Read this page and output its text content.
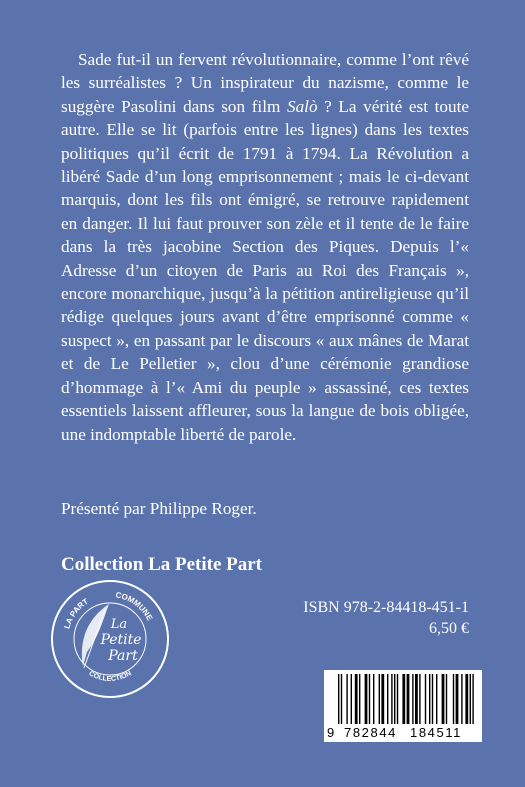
Sade fut-il un fervent révolutionnaire, comme l’ont rêvé les surréalistes ? Un inspirateur du nazisme, comme le suggère Pasolini dans son film Salò ? La vérité est toute autre. Elle se lit (parfois entre les lignes) dans les textes politiques qu’il écrit de 1791 à 1794. La Révolution a libéré Sade d’un long emprisonnement ; mais le ci-devant marquis, dont les fils ont émigré, se retrouve rapidement en danger. Il lui faut prouver son zèle et il tente de le faire dans la très jacobine Section des Piques. Depuis l’« Adresse d’un citoyen de Paris au Roi des Français », encore monarchique, jusqu’à la pétition antireligieuse qu’il rédige quelques jours avant d’être emprisonné comme « suspect », en passant par le discours « aux mânes de Marat et de Le Pelletier », clou d’une cérémonie grandiose d’hommage à l’« Ami du peuple » assassiné, ces textes essentiels laissent affleurer, sous la langue de bois obligée, une indomptable liberté de parole.

Présenté par Philippe Roger.

Collection La Petite Part

LA PART
COMMUNE
COLLECTION
La
Petite
Part
ISBN 978-2-84418-451-1
6,50 €
9 782844 184511
